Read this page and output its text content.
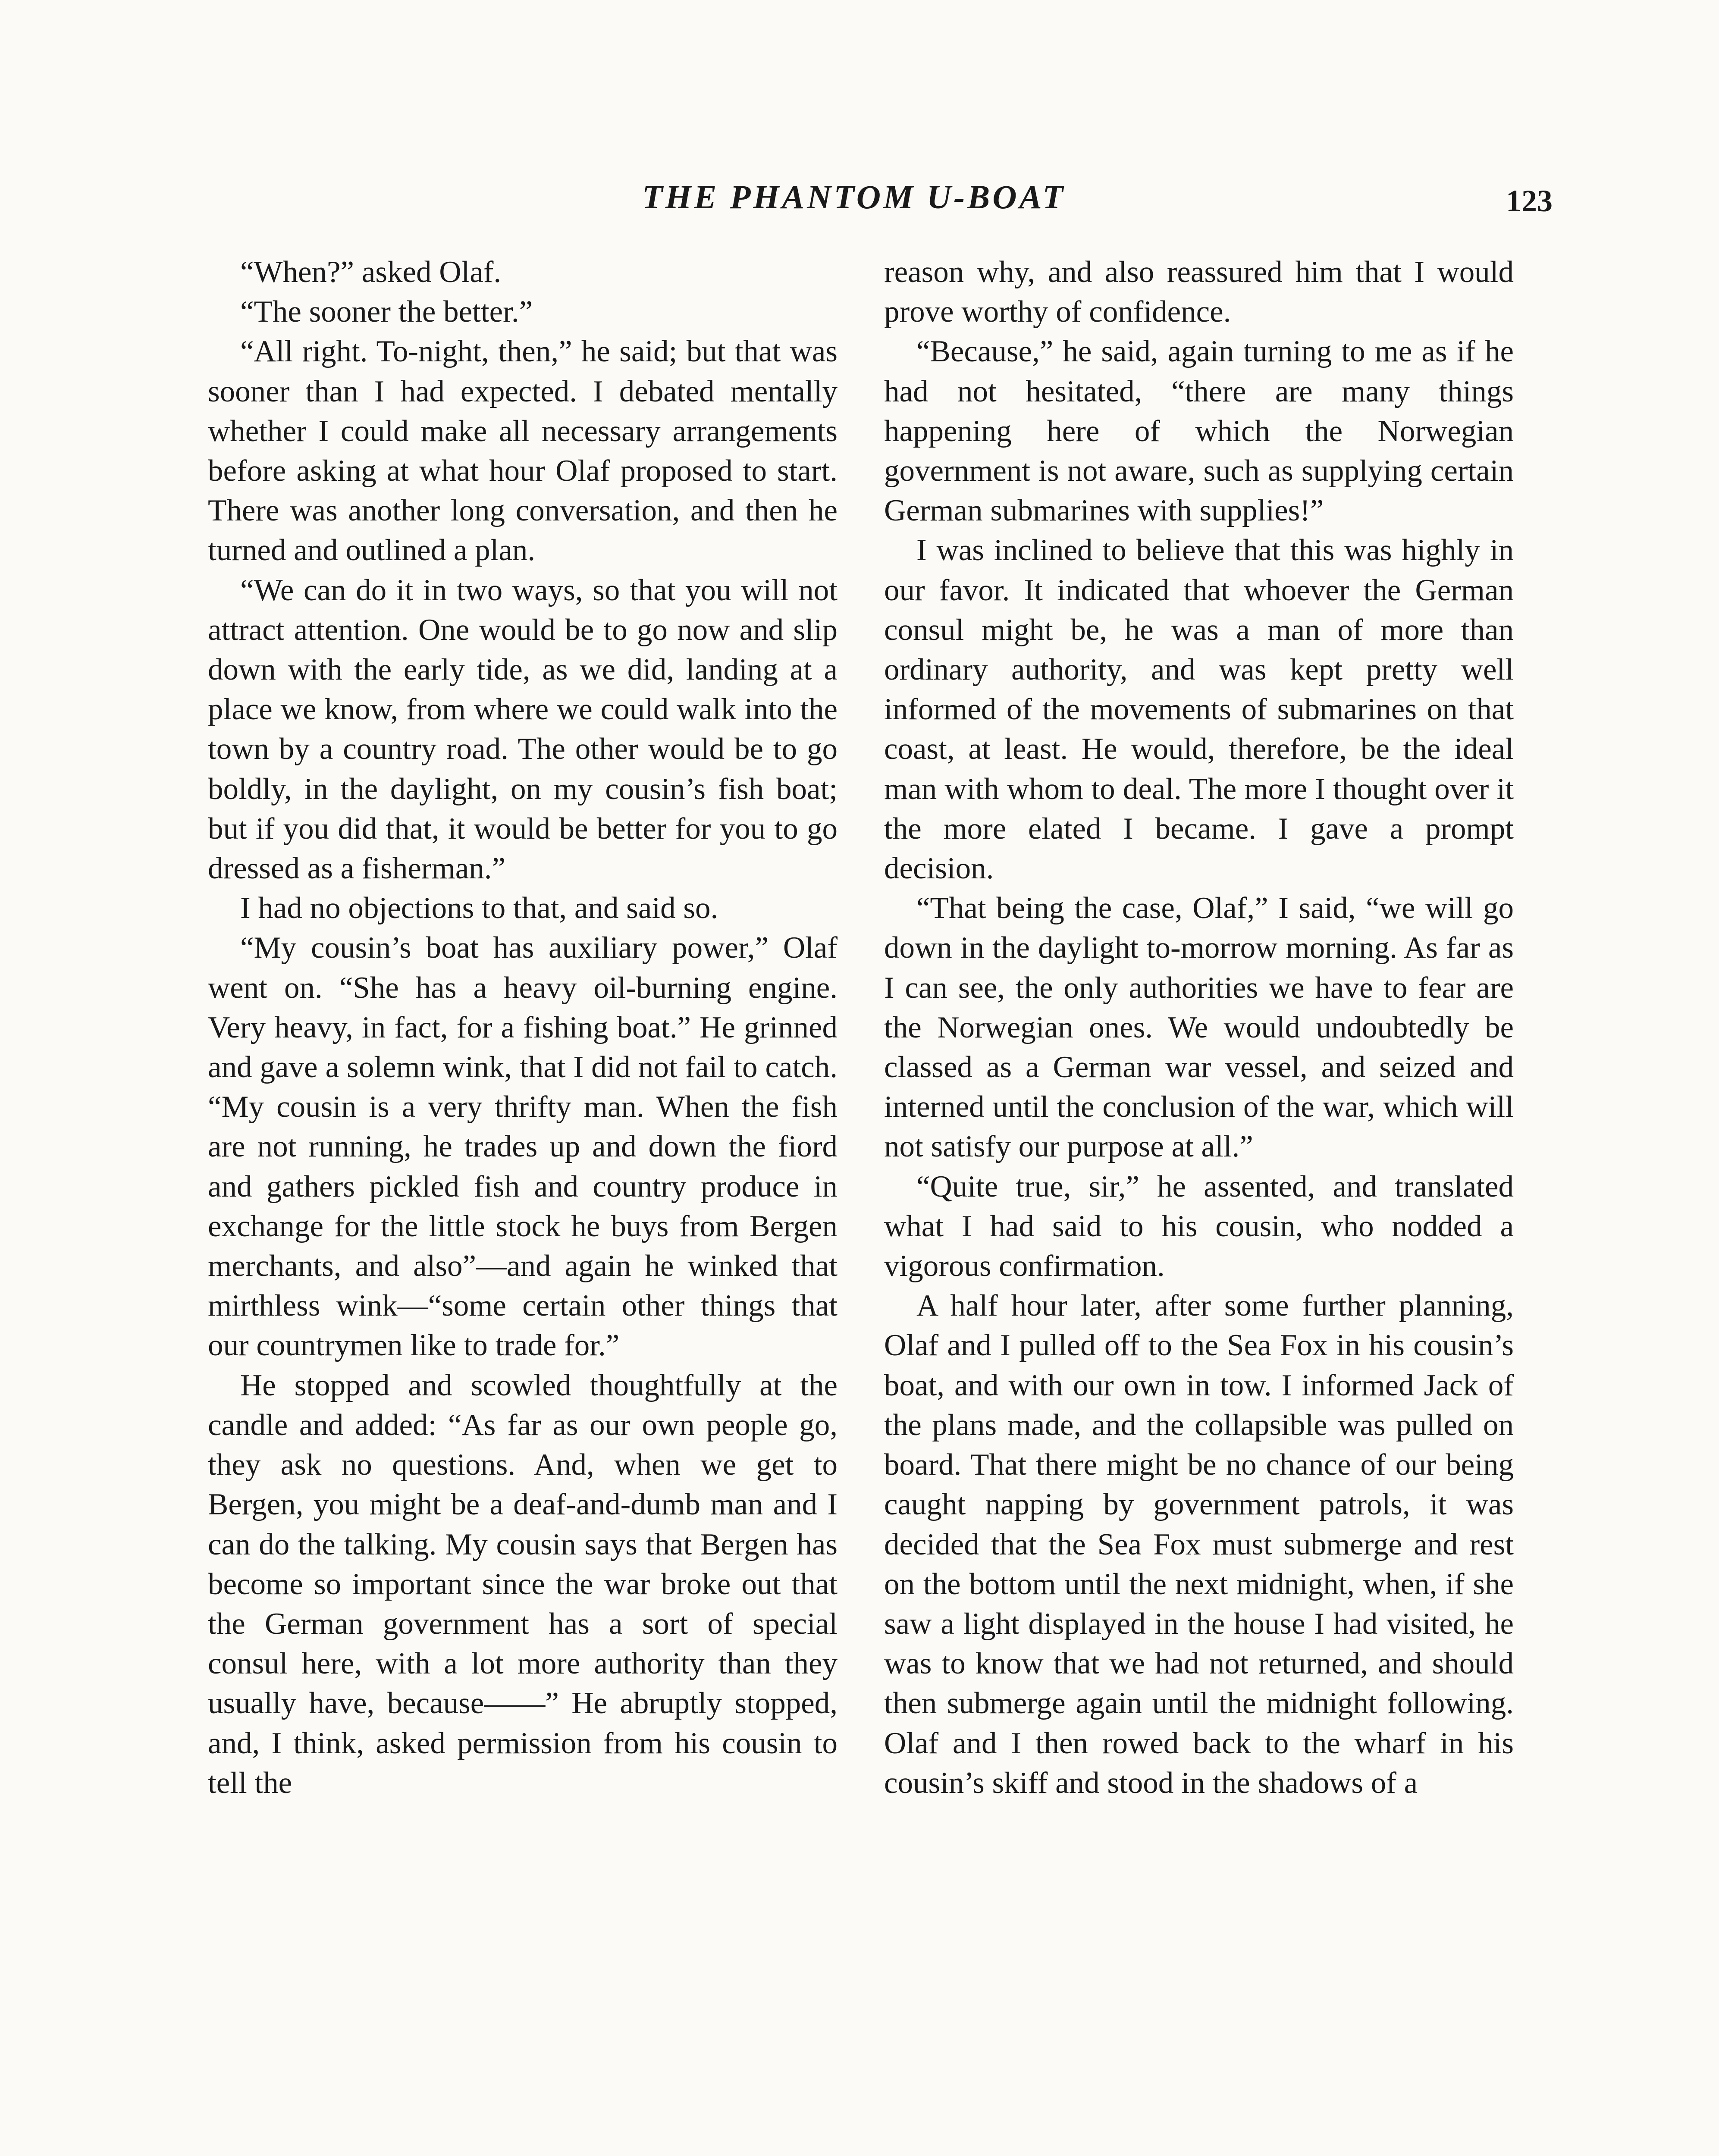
THE PHANTOM U-BOAT	123

“When?” asked Olaf.

“The sooner the better.”

“All right. To-night, then,” he said; but that was sooner than I had expected. I debated mentally whether I could make all necessary arrangements before asking at what hour Olaf proposed to start. There was another long conversation, and then he turned and outlined a plan.

“We can do it in two ways, so that you will not attract attention. One would be to go now and slip down with the early tide, as we did, landing at a place we know, from where we could walk into the town by a country road. The other would be to go boldly, in the daylight, on my cousin’s fish boat; but if you did that, it would be better for you to go dressed as a fisherman.”

I had no objections to that, and said so.

“My cousin’s boat has auxiliary power,” Olaf went on. “She has a heavy oil-burning engine. Very heavy, in fact, for a fishing boat.” He grinned and gave a solemn wink, that I did not fail to catch. “My cousin is a very thrifty man. When the fish are not running, he trades up and down the fiord and gathers pickled fish and country produce in exchange for the little stock he buys from Bergen merchants, and also”—and again he winked that mirthless wink—“some certain other things that our countrymen like to trade for.”

He stopped and scowled thoughtfully at the candle and added: “As far as our own people go, they ask no questions. And, when we get to Bergen, you might be a deaf-and-dumb man and I can do the talking. My cousin says that Bergen has become so important since the war broke out that the German government has a sort of special consul here, with a lot more authority than they usually have, because——” He abruptly stopped, and, I think, asked permission from his cousin to tell the

reason why, and also reassured him that I would prove worthy of confidence.

“Because,” he said, again turning to me as if he had not hesitated, “there are many things happening here of which the Norwegian government is not aware, such as supplying certain German submarines with supplies!”

I was inclined to believe that this was highly in our favor. It indicated that whoever the German consul might be, he was a man of more than ordinary authority, and was kept pretty well informed of the movements of submarines on that coast, at least. He would, therefore, be the ideal man with whom to deal. The more I thought over it the more elated I became. I gave a prompt decision.

“That being the case, Olaf,” I said, “we will go down in the daylight to-morrow morning. As far as I can see, the only authorities we have to fear are the Norwegian ones. We would undoubtedly be classed as a German war vessel, and seized and interned until the conclusion of the war, which will not satisfy our purpose at all.”

“Quite true, sir,” he assented, and translated what I had said to his cousin, who nodded a vigorous confirmation.

A half hour later, after some further planning, Olaf and I pulled off to the Sea Fox in his cousin’s boat, and with our own in tow. I informed Jack of the plans made, and the collapsible was pulled on board. That there might be no chance of our being caught napping by government patrols, it was decided that the Sea Fox must submerge and rest on the bottom until the next midnight, when, if she saw a light displayed in the house I had visited, he was to know that we had not returned, and should then submerge again until the midnight following. Olaf and I then rowed back to the wharf in his cousin’s skiff and stood in the shadows of a
